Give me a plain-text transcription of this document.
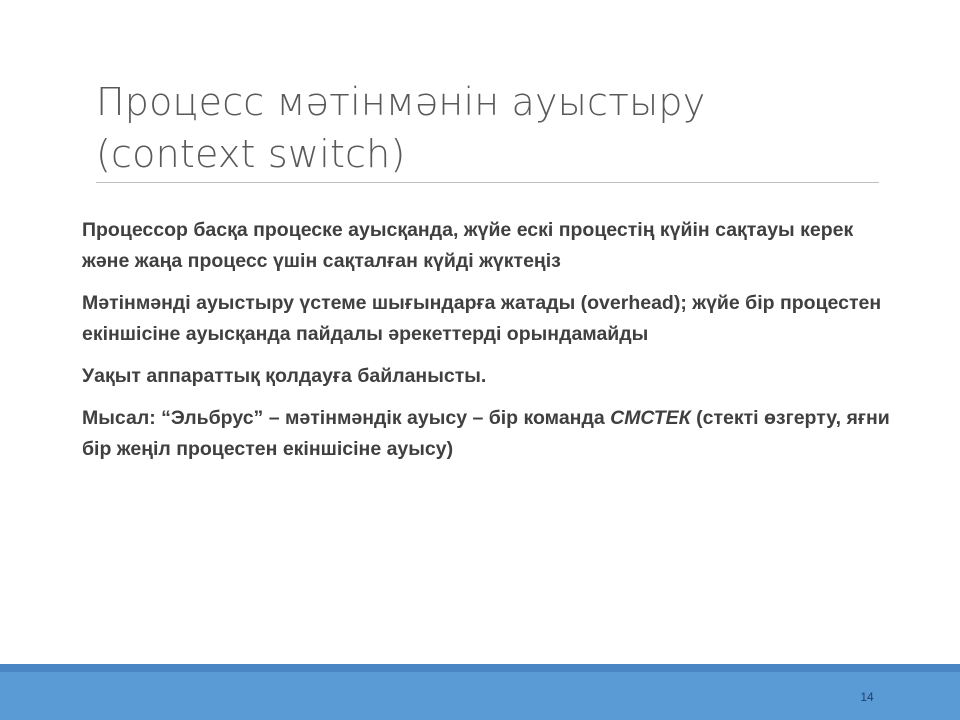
Процесс мәтінмәнін ауыстыру
(context switch)

Процессор басқа процеске ауысқанда, жүйе ескі процестің күйін сақтауы керек және жаңа процесс үшін сақталған күйді жүктеңіз

Мәтінмәнді ауыстыру үстеме шығындарға жатады (overhead); жүйе бір процестен екіншісіне ауысқанда пайдалы әрекеттерді орындамайды

Уақыт аппараттық қолдауға байланысты.

Мысал: “Эльбрус” – мәтінмәндік ауысу – бір команда СМСТЕК (стекті өзгерту, яғни бір жеңіл процестен екіншісіне ауысу)

14
